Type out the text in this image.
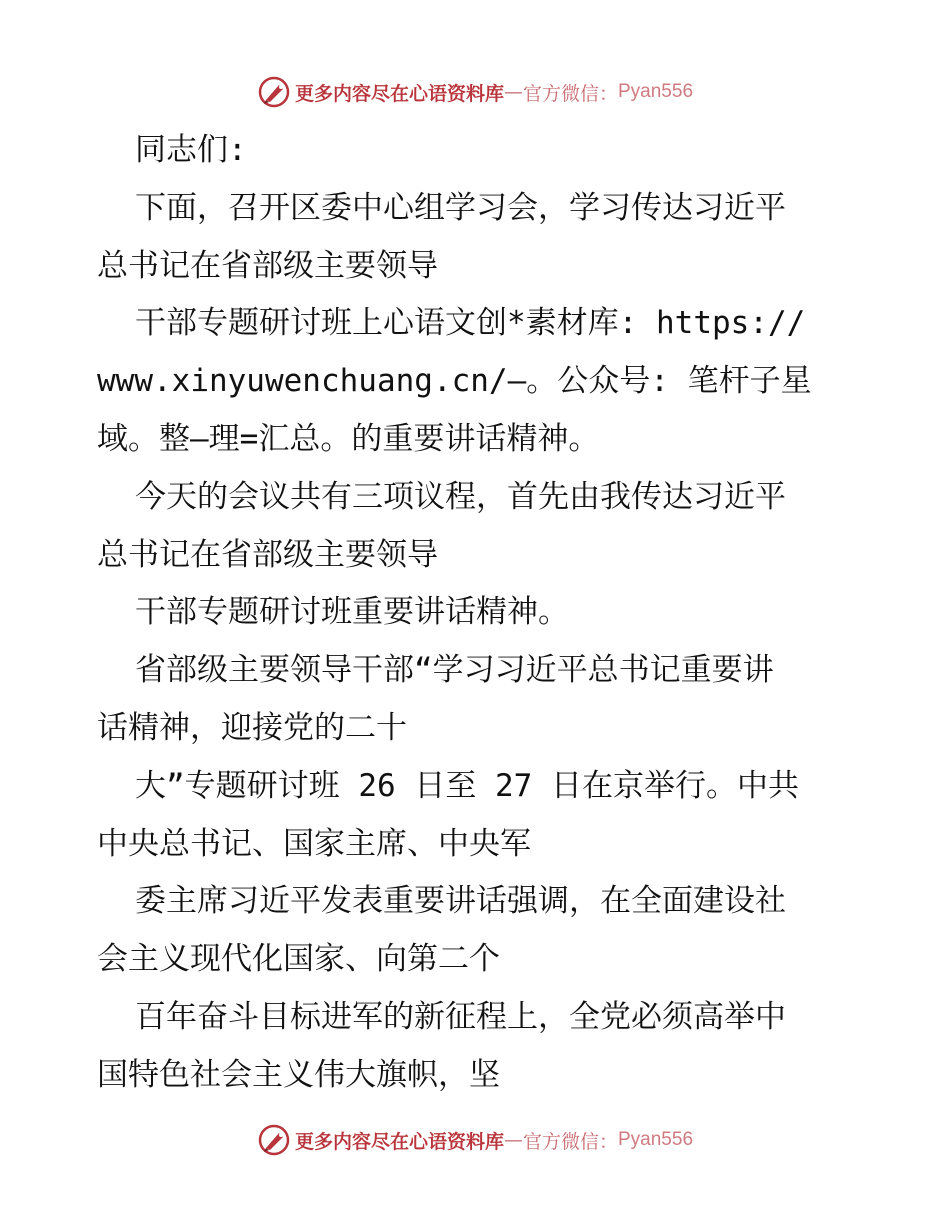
更多内容尽在心语资料库 — 官方微信： Pyan556

同志们:

下面，召开区委中心组学习会，学习传达习近平

总书记在省部级主要领导

干部专题研讨班上心语文创*素材库: https://

www.xinyuwenchuang.cn/—。公众号: 笔杆子星

域。整—理=汇总。的重要讲话精神。

今天的会议共有三项议程，首先由我传达习近平

总书记在省部级主要领导

干部专题研讨班重要讲话精神。

省部级主要领导干部“学习习近平总书记重要讲

话精神，迎接党的二十

大”专题研讨班 26 日至 27 日在京举行。中共

中央总书记、国家主席、中央军

委主席习近平发表重要讲话强调，在全面建设社

会主义现代化国家、向第二个

百年奋斗目标进军的新征程上，全党必须高举中

国特色社会主义伟大旗帜，坚

更多内容尽在心语资料库 — 官方微信： Pyan556
